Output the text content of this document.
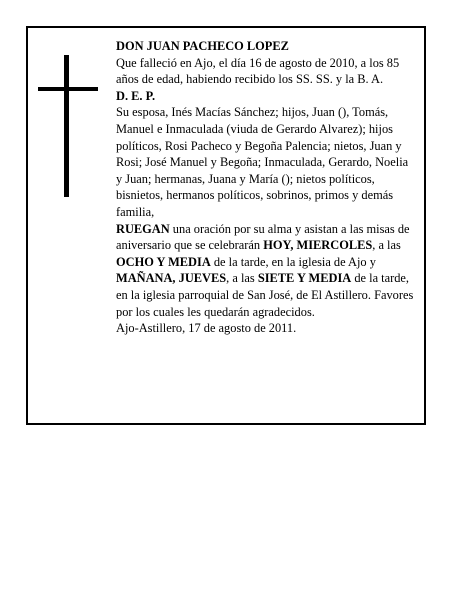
DON JUAN PACHECO LOPEZ

Que falleció en Ajo, el día 16 de agosto de 2010, a los 85 años de edad, habiendo recibido los SS. SS. y la B. A.

D. E. P.

Su esposa, Inés Macías Sánchez; hijos, Juan (), Tomás, Manuel e Inmaculada (viuda de Gerardo Alvarez); hijos políticos, Rosi Pacheco y Begoña Palencia; nietos, Juan y Rosi; José Manuel y Begoña; Inmaculada, Gerardo, Noelia y Juan; hermanas, Juana y María (); nietos políticos, bisnietos, hermanos políticos, sobrinos, primos y demás familia,

RUEGAN una oración por su alma y asistan a las misas de aniversario que se celebrarán HOY, MIERCOLES, a las OCHO Y MEDIA de la tarde, en la iglesia de Ajo y MAÑANA, JUEVES, a las SIETE Y MEDIA de la tarde, en la iglesia parroquial de San José, de El Astillero. Favores por los cuales les quedarán agradecidos.

Ajo-Astillero, 17 de agosto de 2011.
